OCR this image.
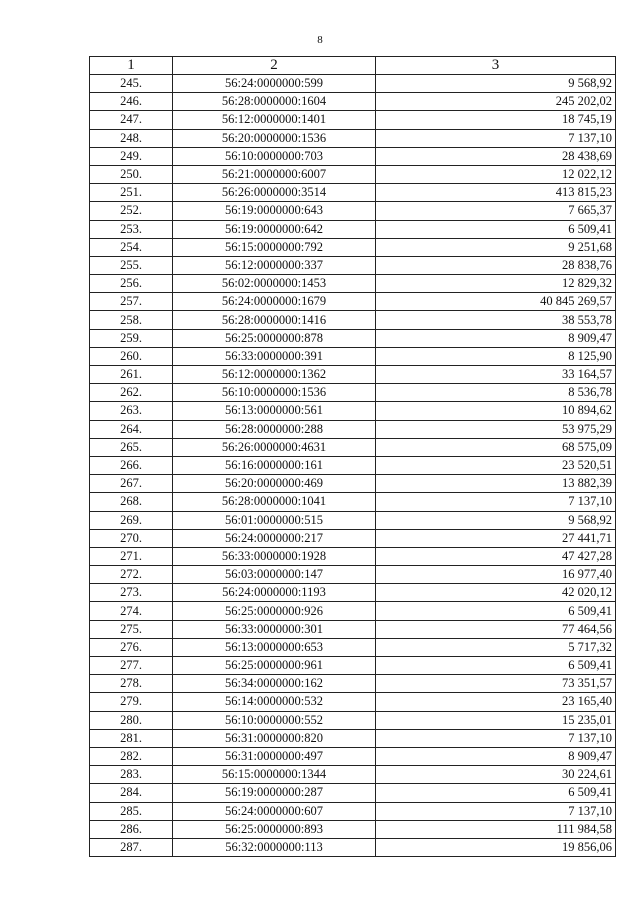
8
1	2	3
245.	56:24:0000000:599	9 568,92
246.	56:28:0000000:1604	245 202,02
247.	56:12:0000000:1401	18 745,19
248.	56:20:0000000:1536	7 137,10
249.	56:10:0000000:703	28 438,69
250.	56:21:0000000:6007	12 022,12
251.	56:26:0000000:3514	413 815,23
252.	56:19:0000000:643	7 665,37
253.	56:19:0000000:642	6 509,41
254.	56:15:0000000:792	9 251,68
255.	56:12:0000000:337	28 838,76
256.	56:02:0000000:1453	12 829,32
257.	56:24:0000000:1679	40 845 269,57
258.	56:28:0000000:1416	38 553,78
259.	56:25:0000000:878	8 909,47
260.	56:33:0000000:391	8 125,90
261.	56:12:0000000:1362	33 164,57
262.	56:10:0000000:1536	8 536,78
263.	56:13:0000000:561	10 894,62
264.	56:28:0000000:288	53 975,29
265.	56:26:0000000:4631	68 575,09
266.	56:16:0000000:161	23 520,51
267.	56:20:0000000:469	13 882,39
268.	56:28:0000000:1041	7 137,10
269.	56:01:0000000:515	9 568,92
270.	56:24:0000000:217	27 441,71
271.	56:33:0000000:1928	47 427,28
272.	56:03:0000000:147	16 977,40
273.	56:24:0000000:1193	42 020,12
274.	56:25:0000000:926	6 509,41
275.	56:33:0000000:301	77 464,56
276.	56:13:0000000:653	5 717,32
277.	56:25:0000000:961	6 509,41
278.	56:34:0000000:162	73 351,57
279.	56:14:0000000:532	23 165,40
280.	56:10:0000000:552	15 235,01
281.	56:31:0000000:820	7 137,10
282.	56:31:0000000:497	8 909,47
283.	56:15:0000000:1344	30 224,61
284.	56:19:0000000:287	6 509,41
285.	56:24:0000000:607	7 137,10
286.	56:25:0000000:893	111 984,58
287.	56:32:0000000:113	19 856,06
